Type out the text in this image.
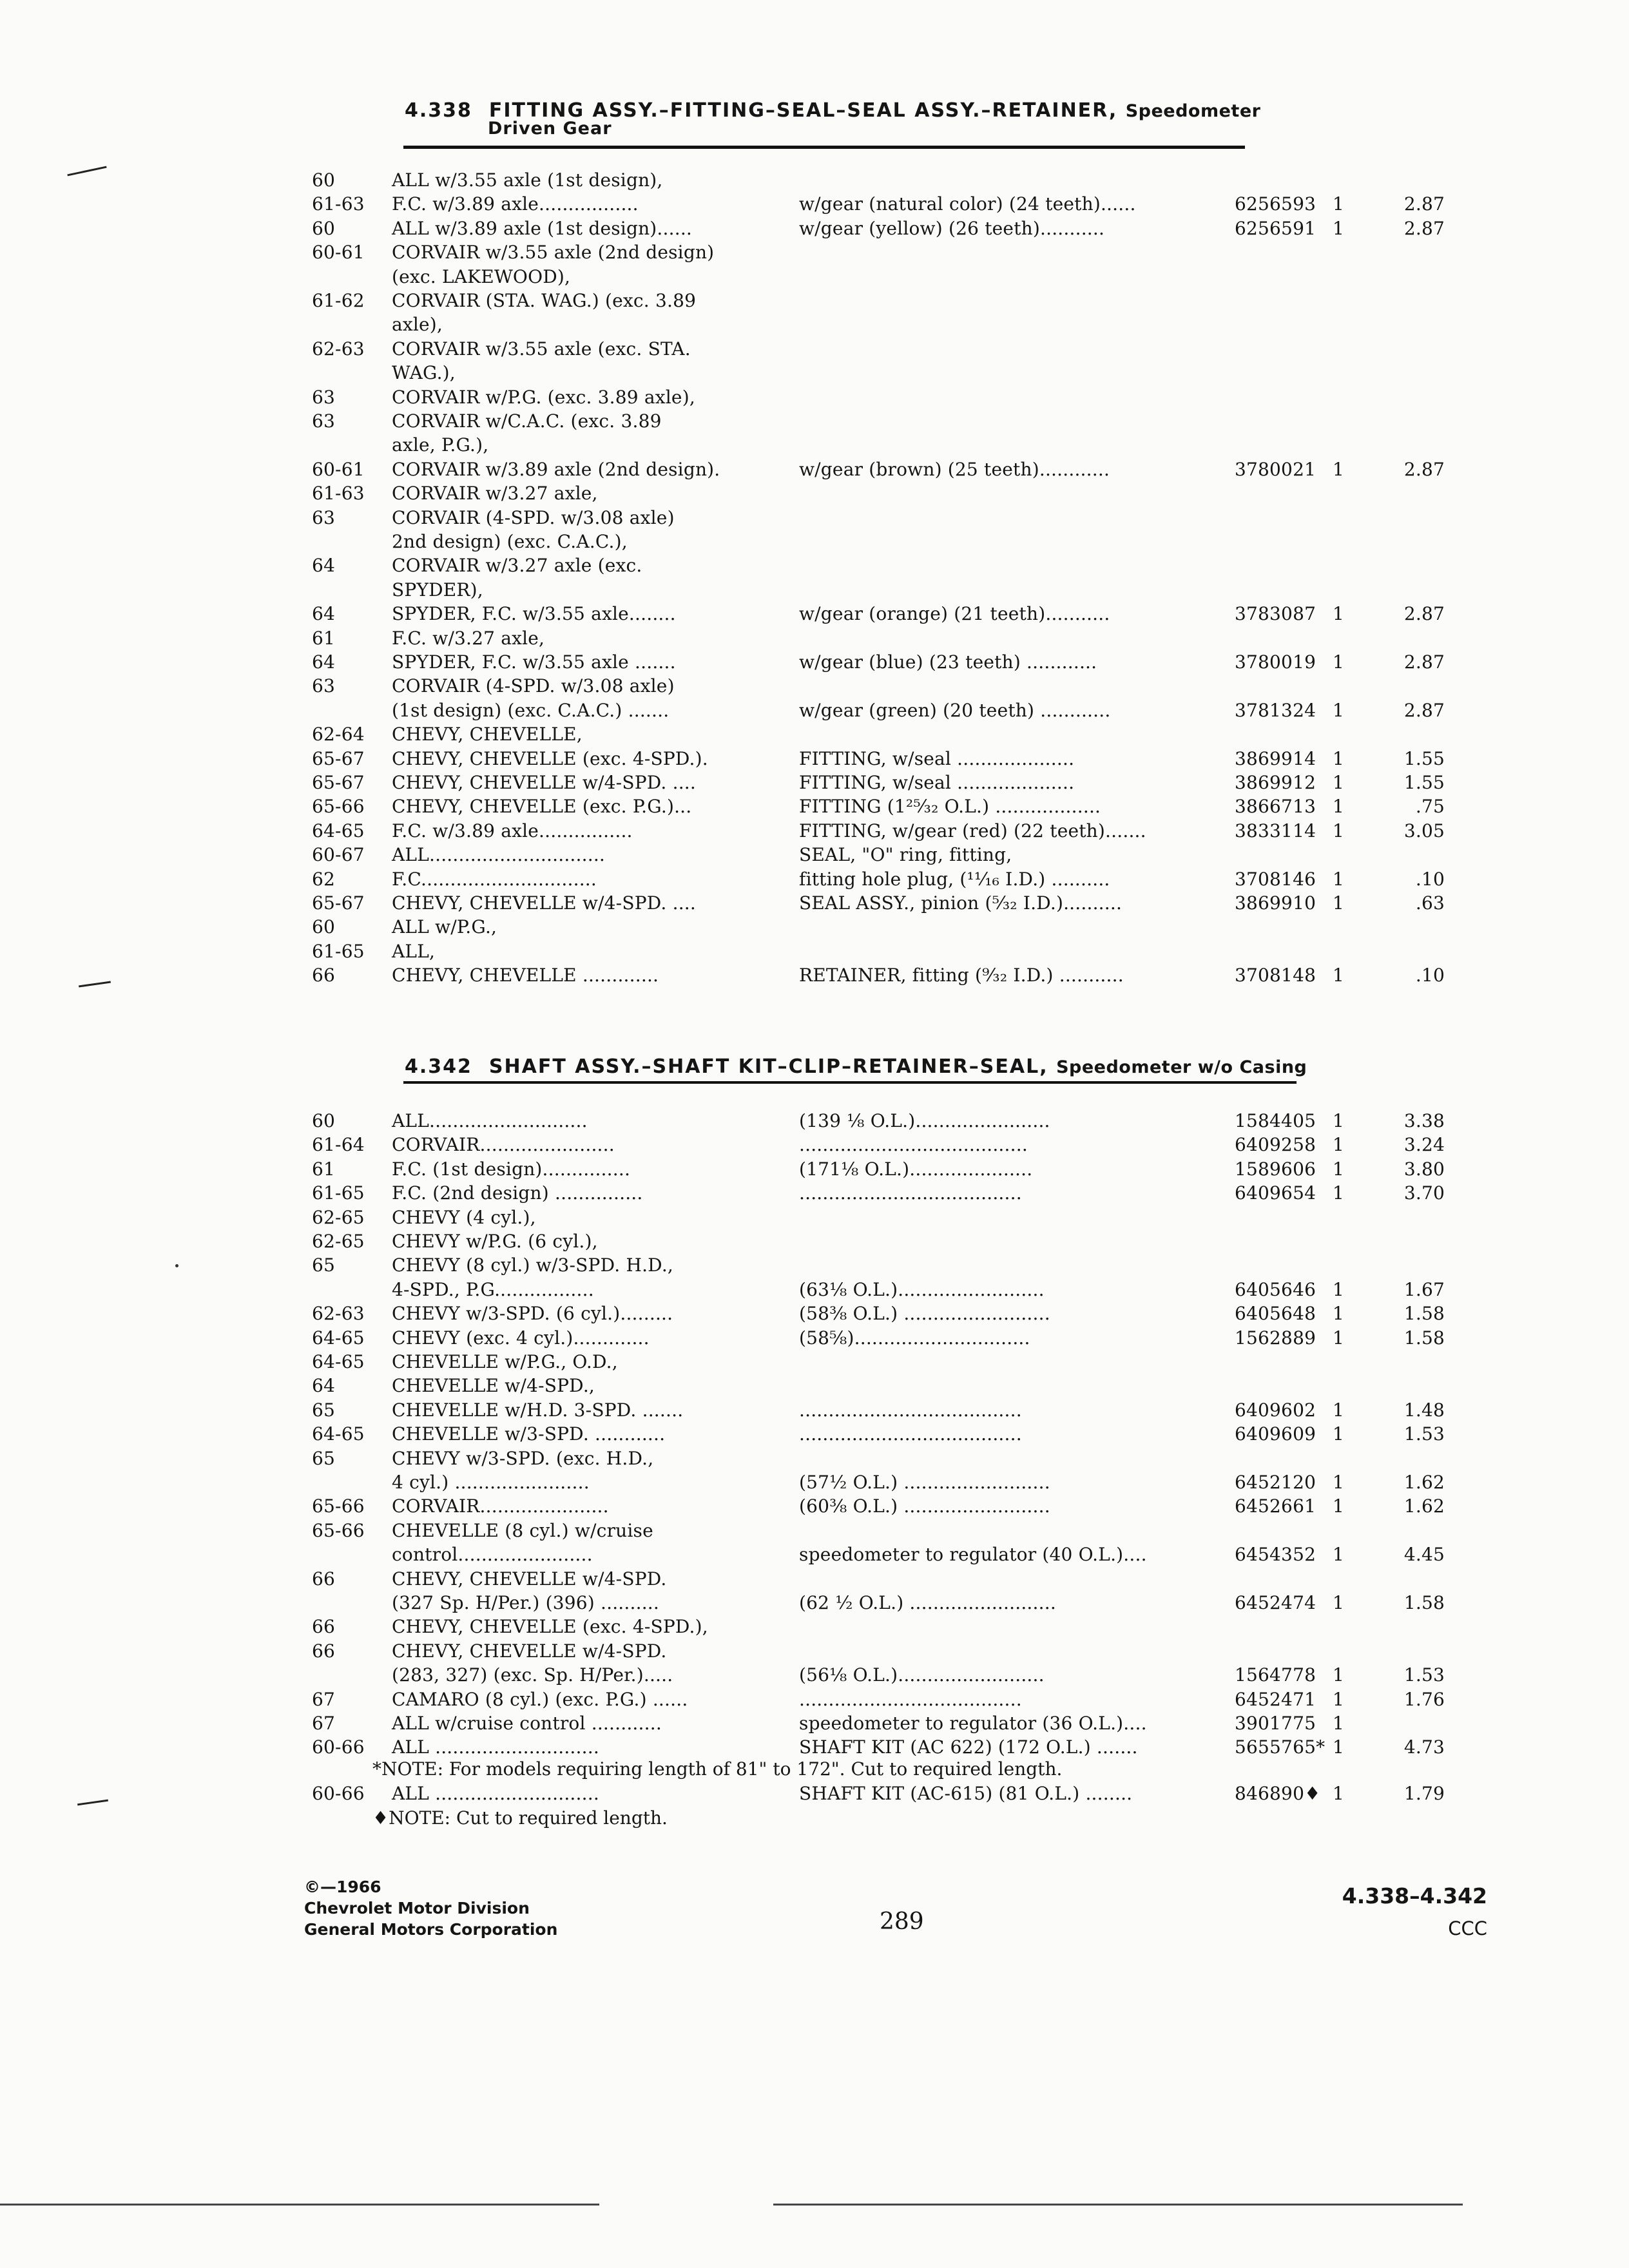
4.338 FITTING ASSY.–FITTING–SEAL–SEAL ASSY.–RETAINER, Speedometer
Driven Gear
60	ALL w/3.55 axle (1st design),
61-63 F.C. w/3.89 axle.................	w/gear (natural color) (24 teeth)......	6256593 1	2.87
60	ALL w/3.89 axle (1st design)......	w/gear (yellow) (26 teeth)...........	6256591 1	2.87
60-61 CORVAIR w/3.55 axle (2nd design)
(exc. LAKEWOOD),
61-62 CORVAIR (STA. WAG.) (exc. 3.89
axle),
62-63 CORVAIR w/3.55 axle (exc. STA.
WAG.),
63	CORVAIR w/P.G. (exc. 3.89 axle),
63	CORVAIR w/C.A.C. (exc. 3.89
axle, P.G.),
60-61 CORVAIR w/3.89 axle (2nd design).	w/gear (brown) (25 teeth)............	3780021 1	2.87
61-63 CORVAIR w/3.27 axle,
63	CORVAIR (4-SPD. w/3.08 axle)
2nd design) (exc. C.A.C.),
64	CORVAIR w/3.27 axle (exc.
SPYDER),
64	SPYDER, F.C. w/3.55 axle........	w/gear (orange) (21 teeth)...........	3783087 1	2.87
61	F.C. w/3.27 axle,
64	SPYDER, F.C. w/3.55 axle .......	w/gear (blue) (23 teeth) ............	3780019 1	2.87
63	CORVAIR (4-SPD. w/3.08 axle)
(1st design) (exc. C.A.C.) .......	w/gear (green) (20 teeth) ............	3781324 1	2.87
62-64 CHEVY, CHEVELLE,
65-67 CHEVY, CHEVELLE (exc. 4-SPD.).	FITTING, w/seal ....................	3869914 1	1.55
65-67 CHEVY, CHEVELLE w/4-SPD. ....	FITTING, w/seal ....................	3869912 1	1.55
65-66 CHEVY, CHEVELLE (exc. P.G.)...	FITTING (1²⁵⁄₃₂ O.L.) ..................	3866713 1	.75
64-65 F.C. w/3.89 axle................	FITTING, w/gear (red) (22 teeth).......	3833114 1	3.05
60-67 ALL..............................	SEAL, "O" ring, fitting,
62	F.C..............................	fitting hole plug, (¹¹⁄₁₆ I.D.) ..........	3708146 1	.10
65-67 CHEVY, CHEVELLE w/4-SPD. ....	SEAL ASSY., pinion (⁵⁄₃₂ I.D.)..........	3869910 1	.63
60	ALL w/P.G.,
61-65 ALL,
66	CHEVY, CHEVELLE .............	RETAINER, fitting (⁹⁄₃₂ I.D.) ...........	3708148 1	.10
4.342 SHAFT ASSY.–SHAFT KIT–CLIP–RETAINER–SEAL, Speedometer w/o Casing
60	ALL...........................	(139 ⅛ O.L.).......................	1584405 1	3.38
61-64 CORVAIR.......................	.......................................	6409258 1	3.24
61	F.C. (1st design)...............	(171⅛ O.L.).....................	1589606 1	3.80
61-65 F.C. (2nd design) ...............	......................................	6409654 1	3.70
62-65 CHEVY (4 cyl.),
62-65 CHEVY w/P.G. (6 cyl.),
65	CHEVY (8 cyl.) w/3-SPD. H.D.,
4-SPD., P.G.................	(63⅛ O.L.).........................	6405646 1	1.67
62-63 CHEVY w/3-SPD. (6 cyl.).........	(58⅜ O.L.) .........................	6405648 1	1.58
64-65 CHEVY (exc. 4 cyl.).............	(58⅝)..............................	1562889 1	1.58
64-65 CHEVELLE w/P.G., O.D.,
64	CHEVELLE w/4-SPD.,
65	CHEVELLE w/H.D. 3-SPD. .......	......................................	6409602 1	1.48
64-65 CHEVELLE w/3-SPD. ............	......................................	6409609 1	1.53
65	CHEVY w/3-SPD. (exc. H.D.,
4 cyl.) .......................	(57½ O.L.) .........................	6452120 1	1.62
65-66 CORVAIR......................	(60⅜ O.L.) .........................	6452661 1	1.62
65-66 CHEVELLE (8 cyl.) w/cruise
control.......................	speedometer to regulator (40 O.L.)....	6454352 1	4.45
66	CHEVY, CHEVELLE w/4-SPD.
(327 Sp. H/Per.) (396) ..........	(62 ½ O.L.) .........................	6452474 1	1.58
66	CHEVY, CHEVELLE (exc. 4-SPD.),
66	CHEVY, CHEVELLE w/4-SPD.
(283, 327) (exc. Sp. H/Per.).....	(56⅛ O.L.).........................	1564778 1	1.53
67	CAMARO (8 cyl.) (exc. P.G.) ......	......................................	6452471 1	1.76
67	ALL w/cruise control ............	speedometer to regulator (36 O.L.)....	3901775 1
60-66 ALL ............................	SHAFT KIT (AC 622) (172 O.L.) .......	5655765* 1	4.73
*NOTE: For models requiring length of 81" to 172". Cut to required length.
60-66 ALL ............................	SHAFT KIT (AC-615) (81 O.L.) ........	846890♦ 1	1.79
♦NOTE: Cut to required length.
©—1966
Chevrolet Motor Division
General Motors Corporation	289
4.338–4.342
CCC
